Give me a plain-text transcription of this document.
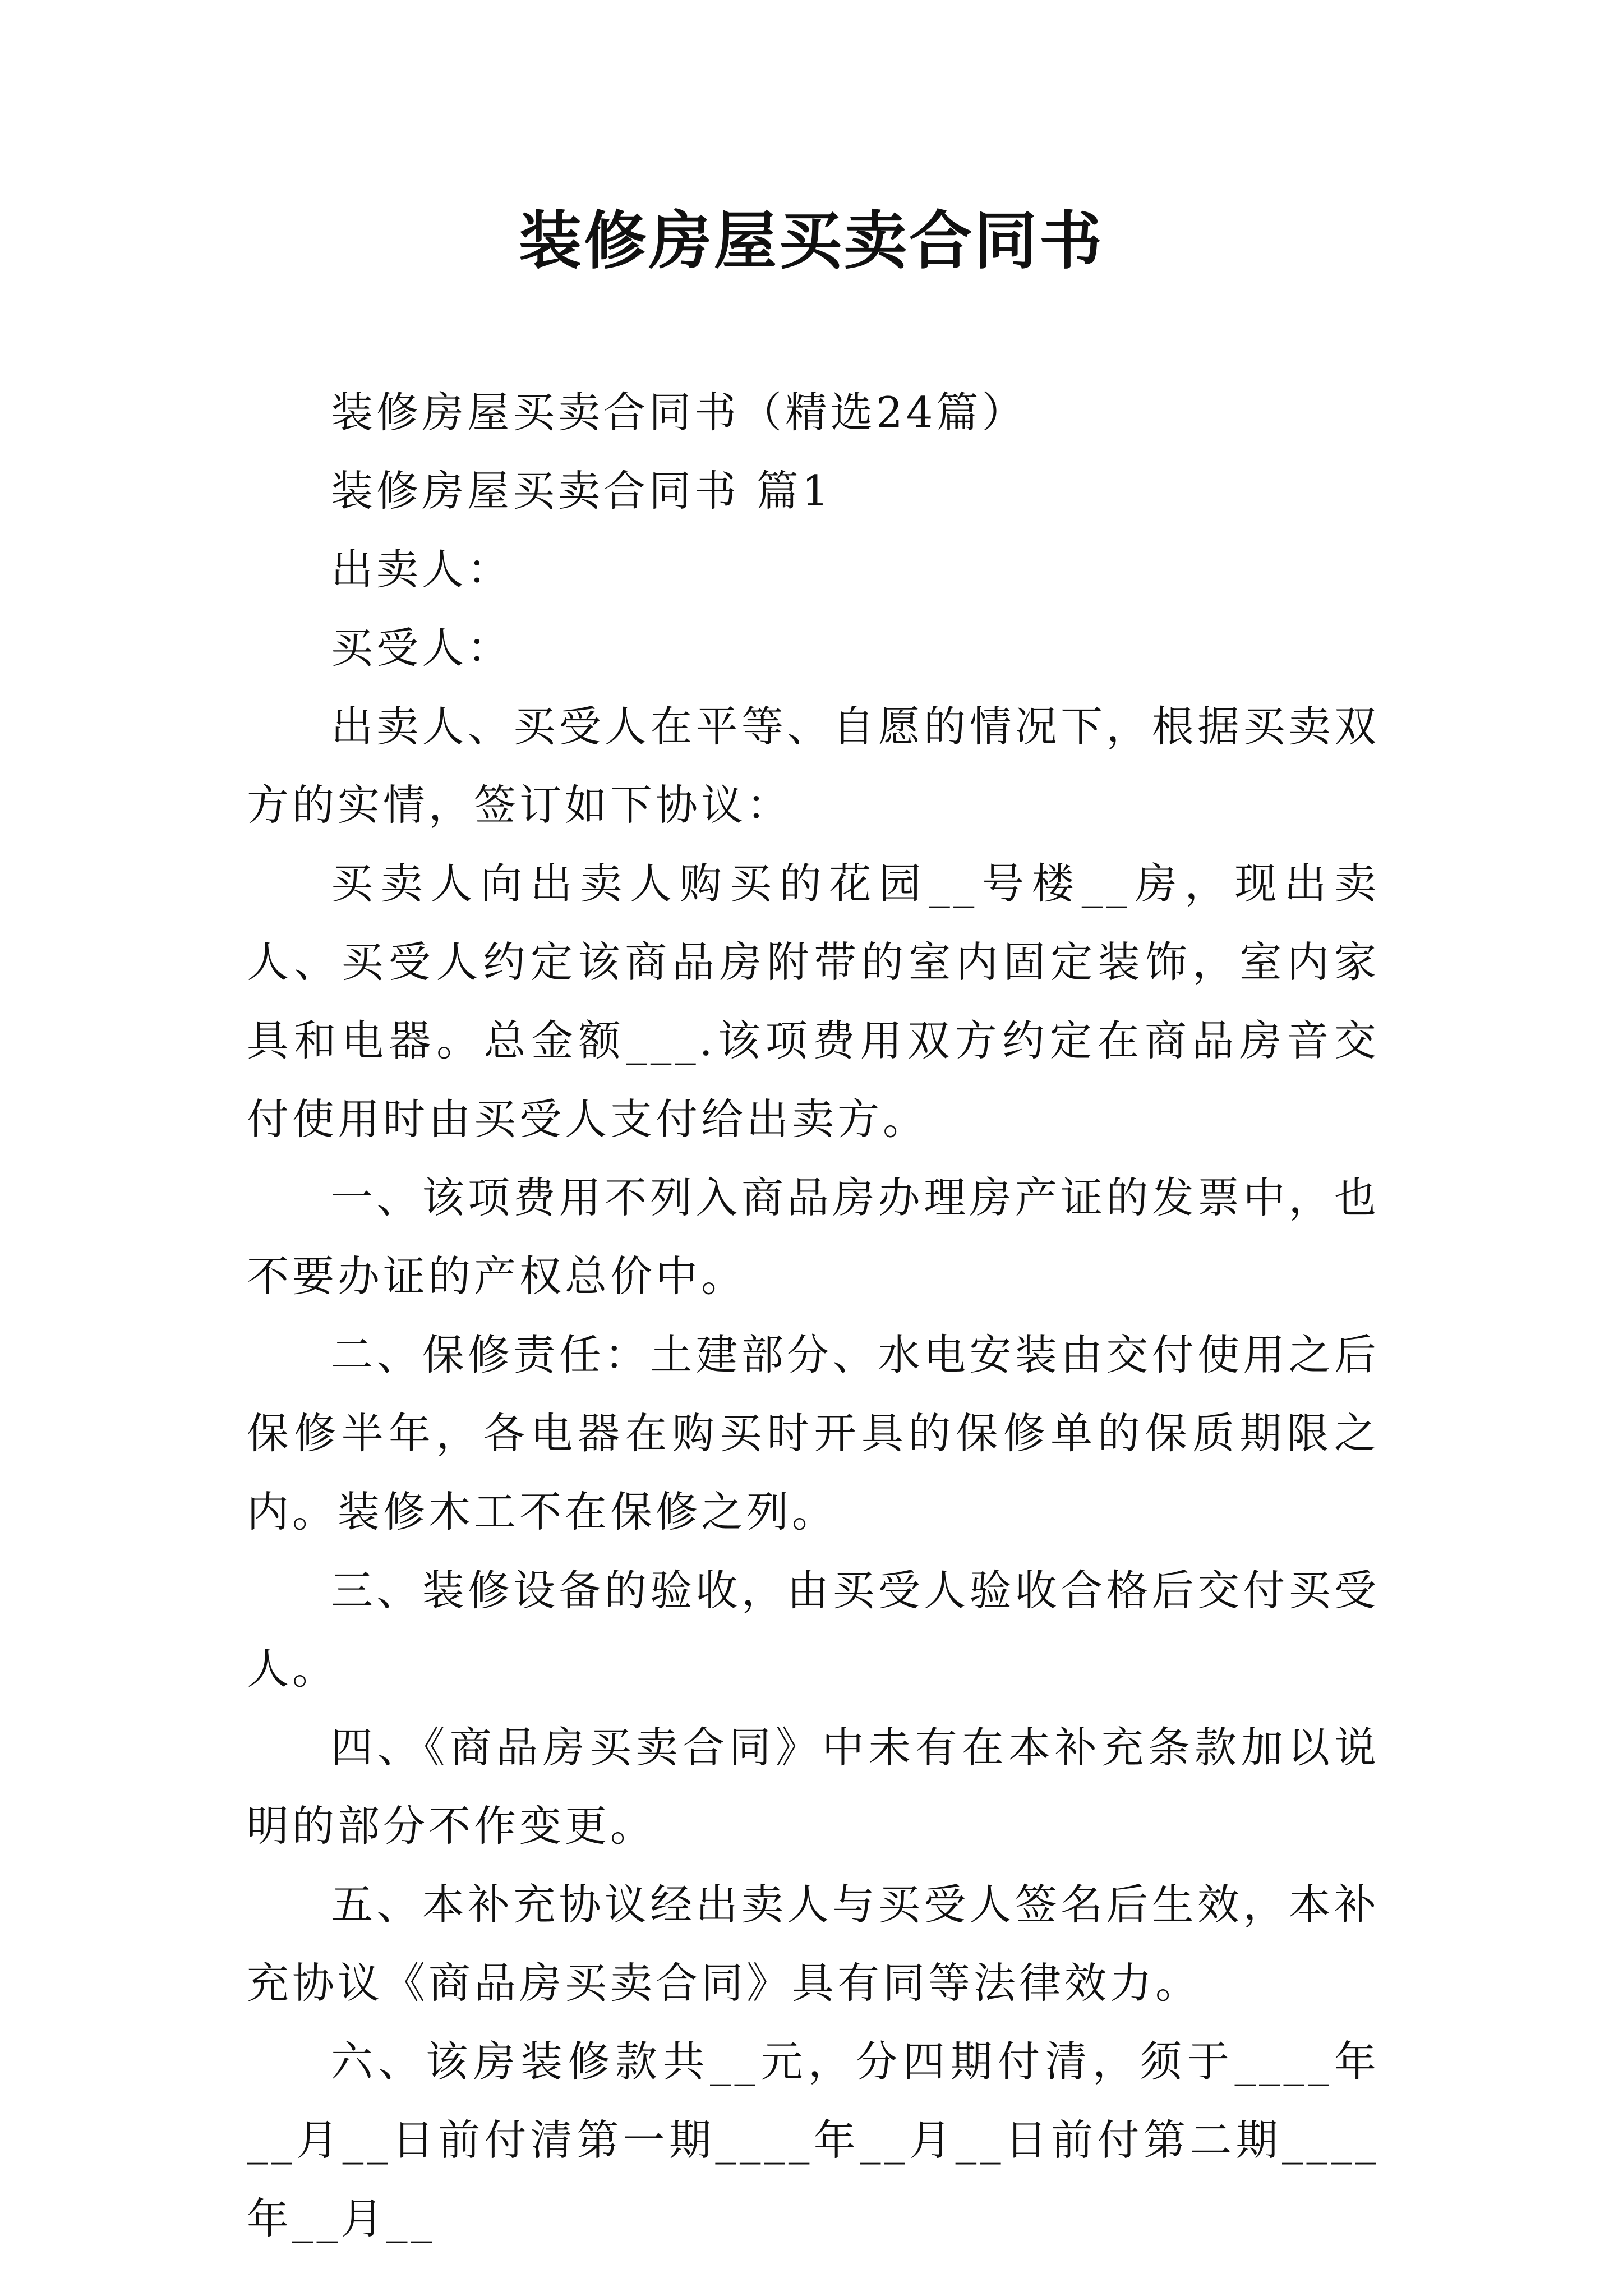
装修房屋买卖合同书

装修房屋买卖合同书（精选24篇）

装修房屋买卖合同书 篇1

出卖人：

买受人：

出卖人、买受人在平等、自愿的情况下，根据买卖双方的实情，签订如下协议：

买卖人向出卖人购买的花园__号楼__房，现出卖人、买受人约定该商品房附带的室内固定装饰，室内家具和电器。总金额___.该项费用双方约定在商品房音交付使用时由买受人支付给出卖方。

一、该项费用不列入商品房办理房产证的发票中，也不要办证的产权总价中。

二、保修责任：土建部分、水电安装由交付使用之后保修半年，各电器在购买时开具的保修单的保质期限之内。装修木工不在保修之列。

三、装修设备的验收，由买受人验收合格后交付买受人。

四、《商品房买卖合同》中未有在本补充条款加以说明的部分不作变更。

五、本补充协议经出卖人与买受人签名后生效，本补充协议《商品房买卖合同》具有同等法律效力。

六、该房装修款共__元，分四期付清，须于____年__月__日前付清第一期____年__月__日前付第二期____年__月__
